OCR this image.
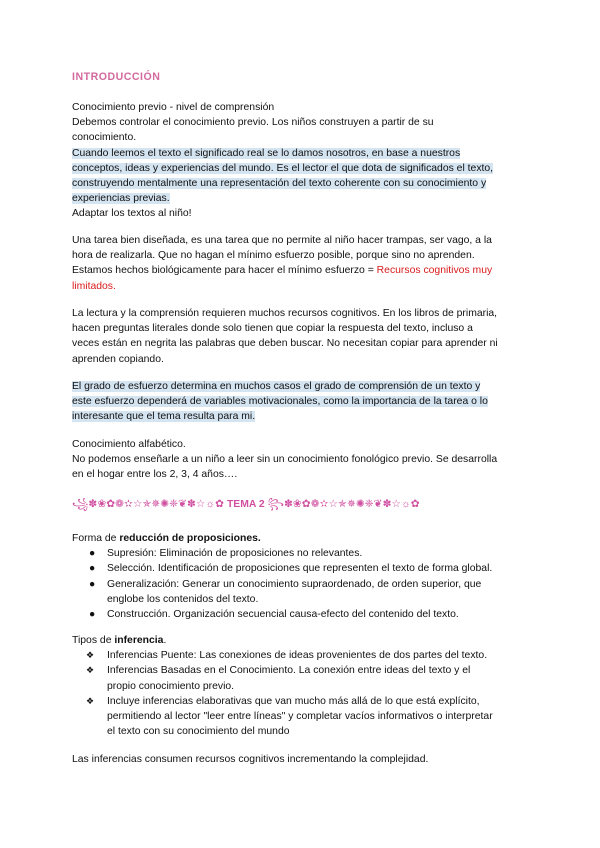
INTRODUCCIÓN
Conocimiento previo - nivel de comprensión
Debemos controlar el conocimiento previo. Los niños construyen a partir de su
conocimiento.
Cuando leemos el texto el significado real se lo damos nosotros, en base a nuestros
conceptos, ideas y experiencias del mundo. Es el lector el que dota de significados el texto,
construyendo mentalmente una representación del texto coherente con su conocimiento y
experiencias previas.
Adaptar los textos al niño!
Una tarea bien diseñada, es una tarea que no permite al niño hacer trampas, ser vago, a la
hora de realizarla. Que no hagan el mínimo esfuerzo posible, porque sino no aprenden.
Estamos hechos biológicamente para hacer el mínimo esfuerzo = Recursos cognitivos muy
limitados.
La lectura y la comprensión requieren muchos recursos cognitivos. En los libros de primaria,
hacen preguntas literales donde solo tienen que copiar la respuesta del texto, incluso a
veces están en negrita las palabras que deben buscar. No necesitan copiar para aprender ni
aprenden copiando.
El grado de esfuerzo determina en muchos casos el grado de comprensión de un texto y
este esfuerzo dependerá de variables motivacionales, como la importancia de la tarea o lo
interesante que el tema resulta para mi.
Conocimiento alfabético.
No podemos enseñarle a un niño a leer sin un conocimiento fonológico previo. Se desarrolla
en el hogar entre los 2, 3, 4 años….
꧁✽❀✿❁✫☆✯✵✺❈❦✽☆☼✿ TEMA 2 ꧂✽❀✿❁✫☆✯✵✺❈❦✽☆☼✿
Forma de reducción de proposiciones.
● Supresión: Eliminación de proposiciones no relevantes.
● Selección. Identificación de proposiciones que representen el texto de forma global.
● Generalización: Generar un conocimiento supraordenado, de orden superior, que
englobe los contenidos del texto.
● Construcción. Organización secuencial causa-efecto del contenido del texto.
Tipos de inferencia.
❖ Inferencias Puente: Las conexiones de ideas provenientes de dos partes del texto.
❖ Inferencias Basadas en el Conocimiento. La conexión entre ideas del texto y el
propio conocimiento previo.
❖ Incluye inferencias elaborativas que van mucho más allá de lo que está explícito,
permitiendo al lector "leer entre líneas" y completar vacíos informativos o interpretar
el texto con su conocimiento del mundo
Las inferencias consumen recursos cognitivos incrementando la complejidad.
